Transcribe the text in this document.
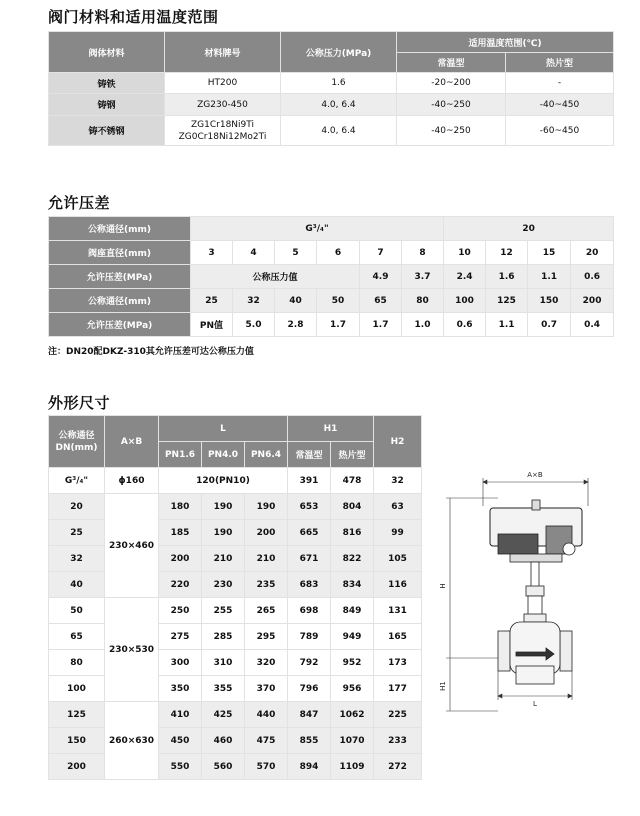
阀门材料和适用温度范围
阀体材料	材料牌号	公称压力(MPa)	适用温度范围(℃)	
			常温型	热片型
铸铁	HT200	1.6	-20~200	-
铸钢	ZG230-450	4.0, 6.4	-40~250	-40~450
铸不锈钢	ZG1Cr18Ni9Ti
ZG0Cr18Ni12Mo2Ti	4.0, 6.4	-40~250	-60~450
允许压差
公称通径(mm)	G³/₄"						20			
阀座直径(mm)	3	4	5	6	7	8	10	12	15	20
允许压差(MPa)	公称压力值				4.9	3.7	2.4	1.6	1.1	0.6
公称通径(mm)	25	32	40	50	65	80	100	125	150	200
允许压差(MPa)	PN值	5.0	2.8	1.7	1.7	1.0	0.6	1.1	0.7	0.4
注：DN20配DKZ-310其允许压差可达公称压力值
外形尺寸
公称通径
DN(mm)	A×B	L			H1		H2
		PN1.6	PN4.0	PN6.4	常温型	热片型	
G³/₄"	ϕ160	120(PN10)			391	478	32
20	230×460	180	190	190	653	804	63
25		185	190	200	665	816	99
32		200	210	210	671	822	105
40		220	230	235	683	834	116
50	230×530	250	255	265	698	849	131
65		275	285	295	789	949	165
80		300	310	320	792	952	173
100		350	355	370	796	956	177
125	260×630	410	425	440	847	1062	225
150		450	460	475	855	1070	233
200		550	560	570	894	1109	272
A×B
H
H1
L
